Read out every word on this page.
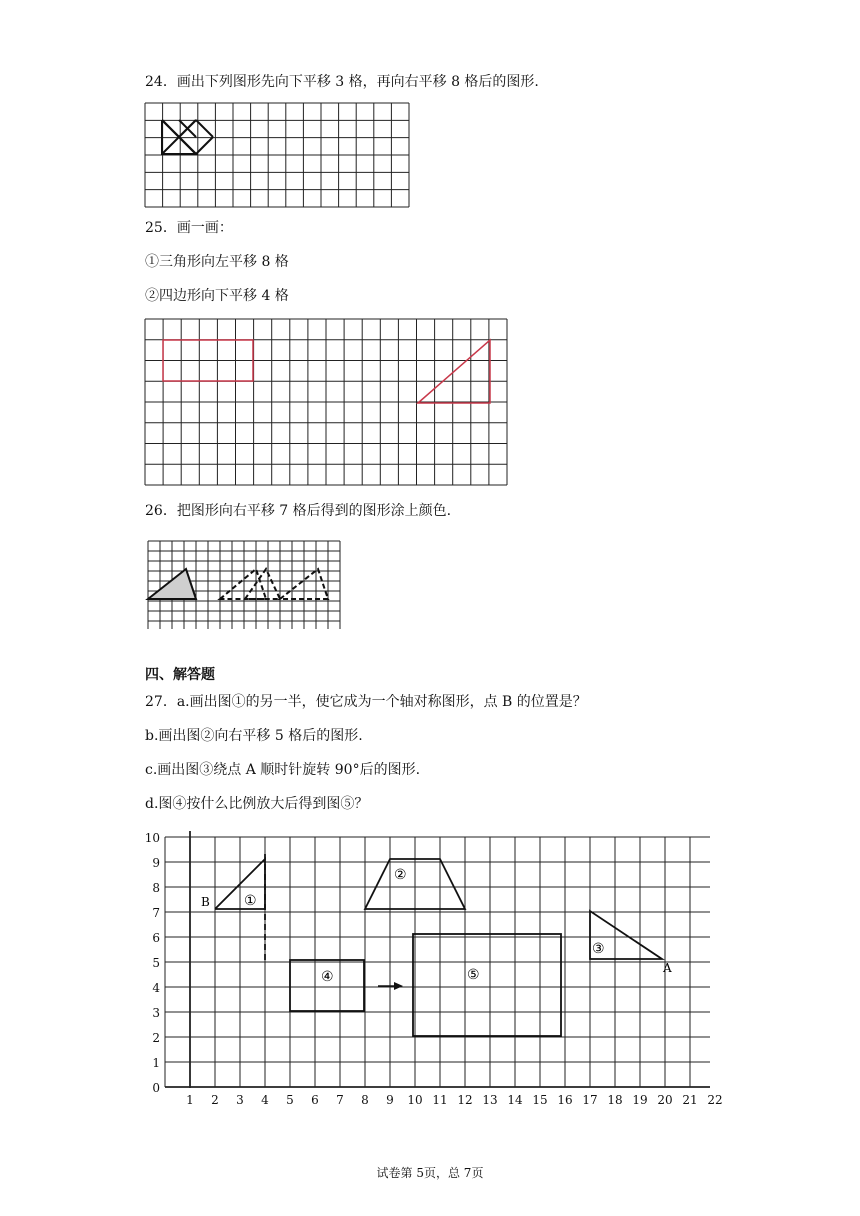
24．画出下列图形先向下平移 3 格，再向右平移 8 格后的图形.
25．画一画：
①三角形向左平移 8 格
②四边形向下平移 4 格
26．把图形向右平移 7 格后得到的图形涂上颜色.
四、解答题
27．a.画出图①的另一半，使它成为一个轴对称图形，点 B 的位置是？
b.画出图②向右平移 5 格后的图形.
c.画出图③绕点 A 顺时针旋转 90°后的图形.
d.图④按什么比例放大后得到图⑤？
10
9
8
7
6
5
4
3
2
1
0
1 2 3 4 5 6 7 8 9 10 11 12 13 14 15 16 17 18 19 20 21 22
①
B
②
③
A
④	⑤
试卷第 5页，总 7页
